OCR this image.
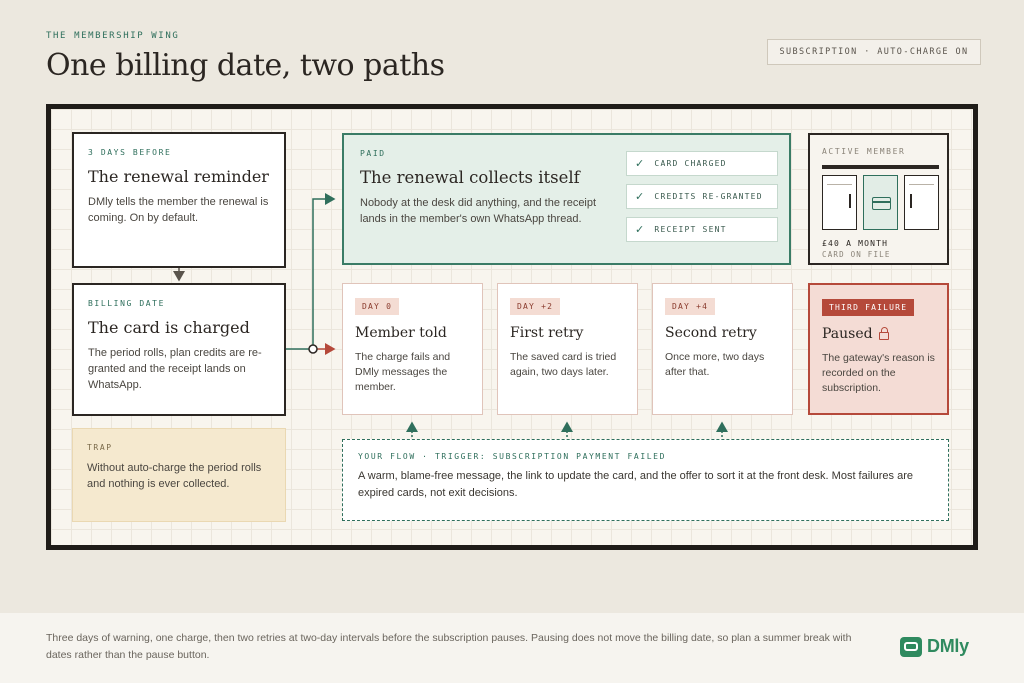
THE MEMBERSHIP WING
One billing date, two paths	SUBSCRIPTION · AUTO-CHARGE ON
3 DAYS BEFORE
The renewal reminder
DMly tells the member the renewal is coming. On by default.
BILLING DATE
The card is charged
The period rolls, plan credits are re-granted and the receipt lands on WhatsApp.
TRAP
Without auto-charge the period rolls and nothing is ever collected.
PAID
The renewal collects itself
Nobody at the desk did anything, and the receipt lands in the member's own WhatsApp thread.
✓ CARD CHARGED
✓ CREDITS RE-GRANTED
✓ RECEIPT SENT
ACTIVE MEMBER
£40 A MONTH
CARD ON FILE
DAY 0
Member told
The charge fails and DMly messages the member.
DAY +2
First retry
The saved card is tried again, two days later.
DAY +4
Second retry
Once more, two days after that.
THIRD FAILURE
Paused
The gateway's reason is recorded on the subscription.
YOUR FLOW · TRIGGER: SUBSCRIPTION PAYMENT FAILED
A warm, blame-free message, the link to update the card, and the offer to sort it at the front desk. Most failures are expired cards, not exit decisions.
Three days of warning, one charge, then two retries at two-day intervals before the subscription pauses. Pausing does not move the billing date, so plan a summer break with dates rather than the pause button.	DMly
